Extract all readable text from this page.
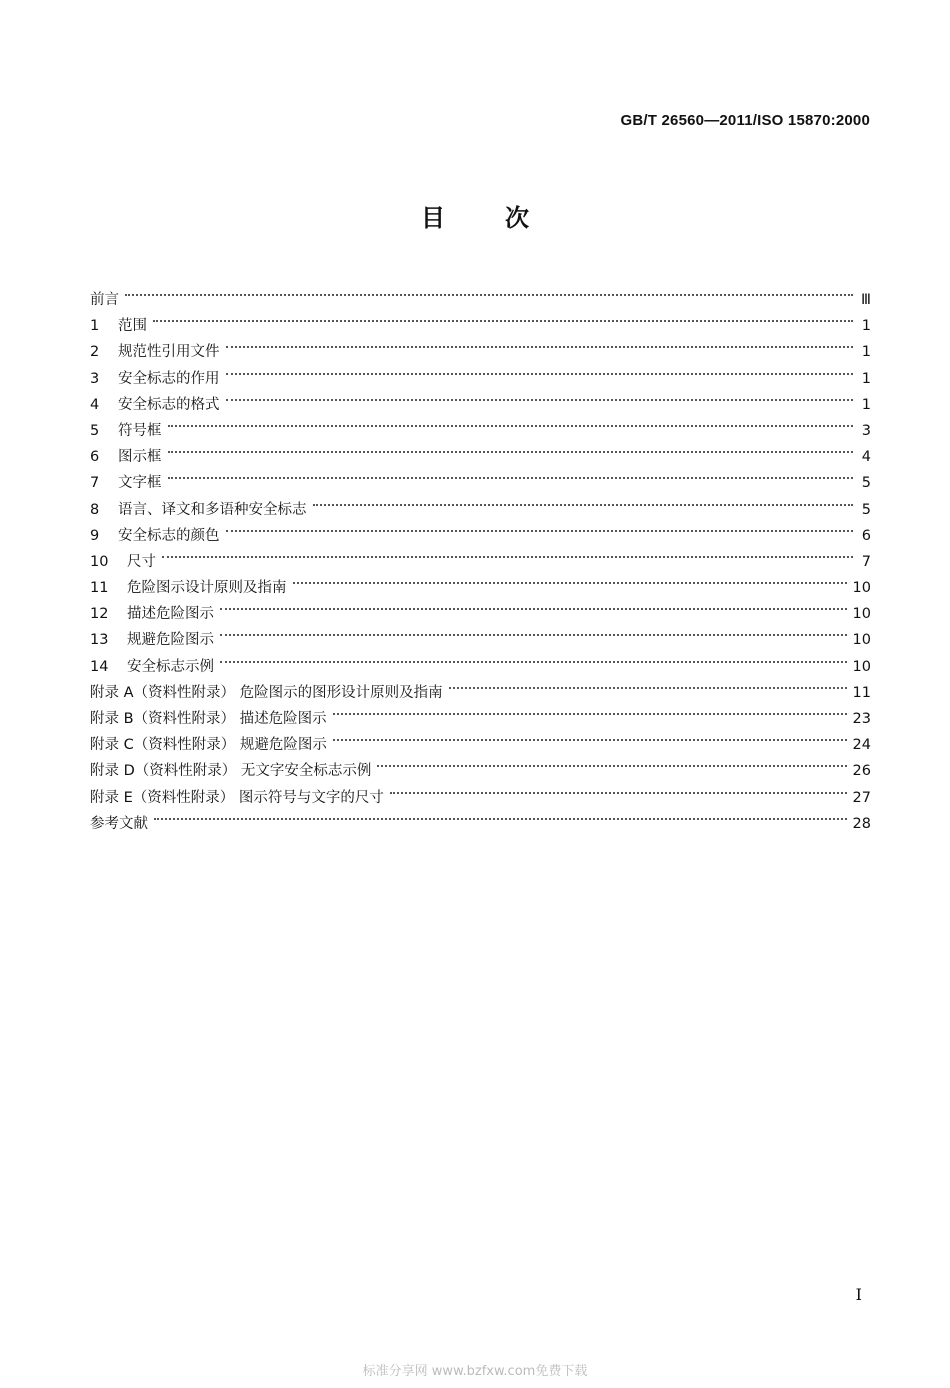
GB/T 26560—2011/ISO 15870:2000
目次
前言	Ⅲ
1	范围	1
2	规范性引用文件	1
3	安全标志的作用	1
4	安全标志的格式	1
5	符号框	3
6	图示框	4
7	文字框	5
8	语言、译文和多语种安全标志	5
9	安全标志的颜色	6
10	尺寸	7
11	危险图示设计原则及指南	10
12	描述危险图示	10
13	规避危险图示	10
14	安全标志示例	10
附录 A（资料性附录） 危险图示的图形设计原则及指南	11
附录 B（资料性附录） 描述危险图示	23
附录 C（资料性附录） 规避危险图示	24
附录 D（资料性附录） 无文字安全标志示例	26
附录 E（资料性附录） 图示符号与文字的尺寸	27
参考文献	28
I
标准分享网 www.bzfxw.com免费下载
